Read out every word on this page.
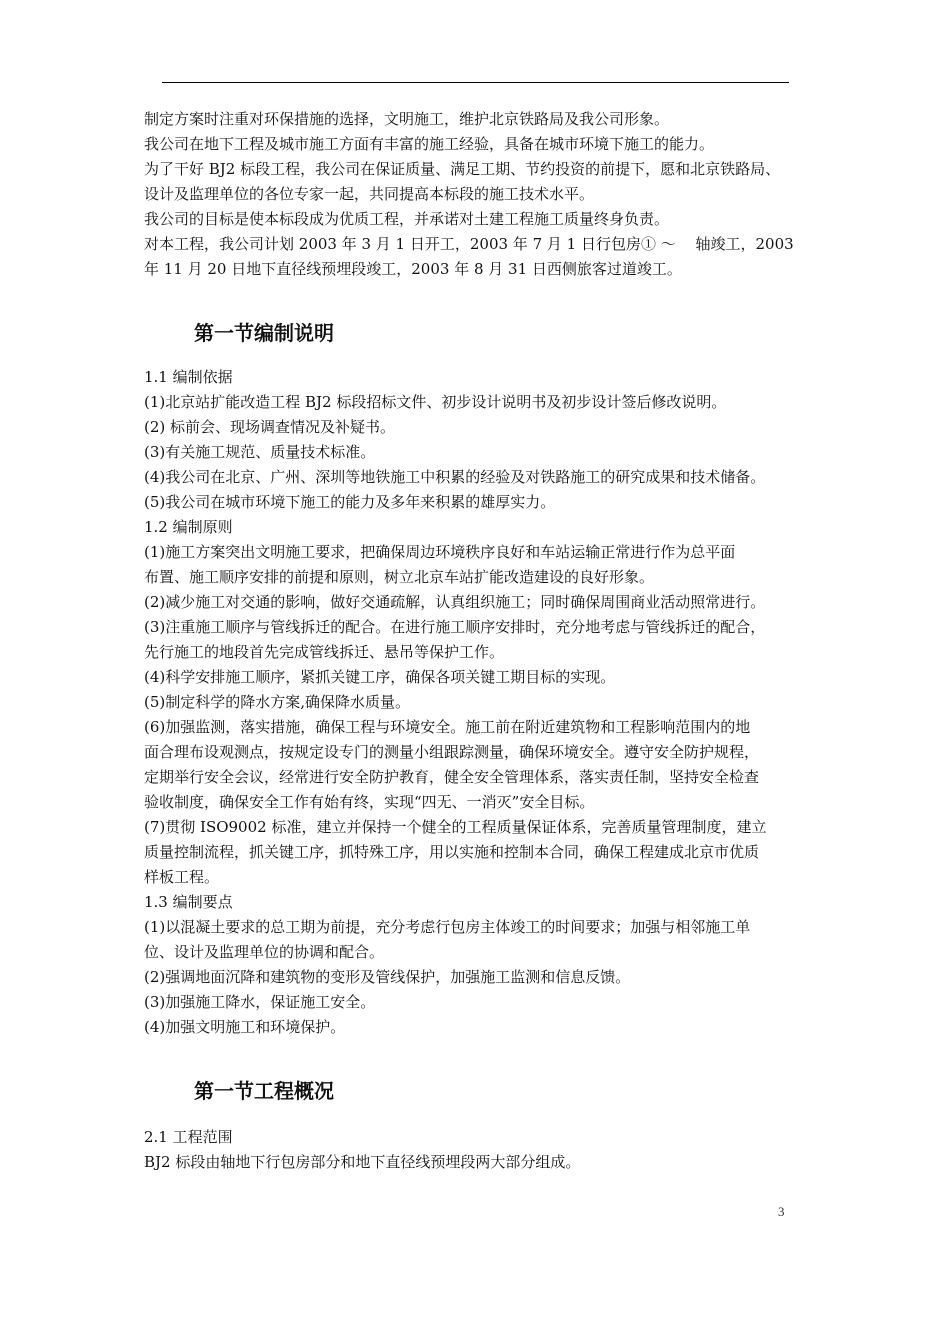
制定方案时注重对环保措施的选择，文明施工，维护北京铁路局及我公司形象。
我公司在地下工程及城市施工方面有丰富的施工经验，具备在城市环境下施工的能力。
为了干好 BJ2 标段工程，我公司在保证质量、满足工期、节约投资的前提下，愿和北京铁路局、
设计及监理单位的各位专家一起，共同提高本标段的施工技术水平。
我公司的目标是使本标段成为优质工程，并承诺对土建工程施工质量终身负责。
对本工程，我公司计划 2003 年 3 月 1 日开工，2003 年 7 月 1 日行包房① ～　 轴竣工，2003
年 11 月 20 日地下直径线预埋段竣工，2003 年 8 月 31 日西侧旅客过道竣工。
第一节编制说明
1.1 编制依据
(1)北京站扩能改造工程 BJ2 标段招标文件、初步设计说明书及初步设计签后修改说明。
(2) 标前会、现场调查情况及补疑书。
(3)有关施工规范、质量技术标准。
(4)我公司在北京、广州、深圳等地铁施工中积累的经验及对铁路施工的研究成果和技术储备。
(5)我公司在城市环境下施工的能力及多年来积累的雄厚实力。
1.2 编制原则
(1)施工方案突出文明施工要求，把确保周边环境秩序良好和车站运输正常进行作为总平面
布置、施工顺序安排的前提和原则，树立北京车站扩能改造建设的良好形象。
(2)减少施工对交通的影响，做好交通疏解，认真组织施工；同时确保周围商业活动照常进行。
(3)注重施工顺序与管线拆迁的配合。在进行施工顺序安排时，充分地考虑与管线拆迁的配合，
先行施工的地段首先完成管线拆迁、悬吊等保护工作。
(4)科学安排施工顺序，紧抓关键工序，确保各项关键工期目标的实现。
(5)制定科学的降水方案,确保降水质量。
(6)加强监测，落实措施，确保工程与环境安全。施工前在附近建筑物和工程影响范围内的地
面合理布设观测点，按规定设专门的测量小组跟踪测量，确保环境安全。遵守安全防护规程，
定期举行安全会议，经常进行安全防护教育，健全安全管理体系，落实责任制，坚持安全检查
验收制度，确保安全工作有始有终，实现“四无、一消灭”安全目标。
(7)贯彻 ISO9002 标准，建立并保持一个健全的工程质量保证体系，完善质量管理制度，建立
质量控制流程，抓关键工序，抓特殊工序，用以实施和控制本合同，确保工程建成北京市优质
样板工程。
1.3 编制要点
(1)以混凝土要求的总工期为前提，充分考虑行包房主体竣工的时间要求；加强与相邻施工单
位、设计及监理单位的协调和配合。
(2)强调地面沉降和建筑物的变形及管线保护，加强施工监测和信息反馈。
(3)加强施工降水，保证施工安全。
(4)加强文明施工和环境保护。
第一节工程概况
2.1 工程范围
BJ2 标段由轴地下行包房部分和地下直径线预埋段两大部分组成。
3
